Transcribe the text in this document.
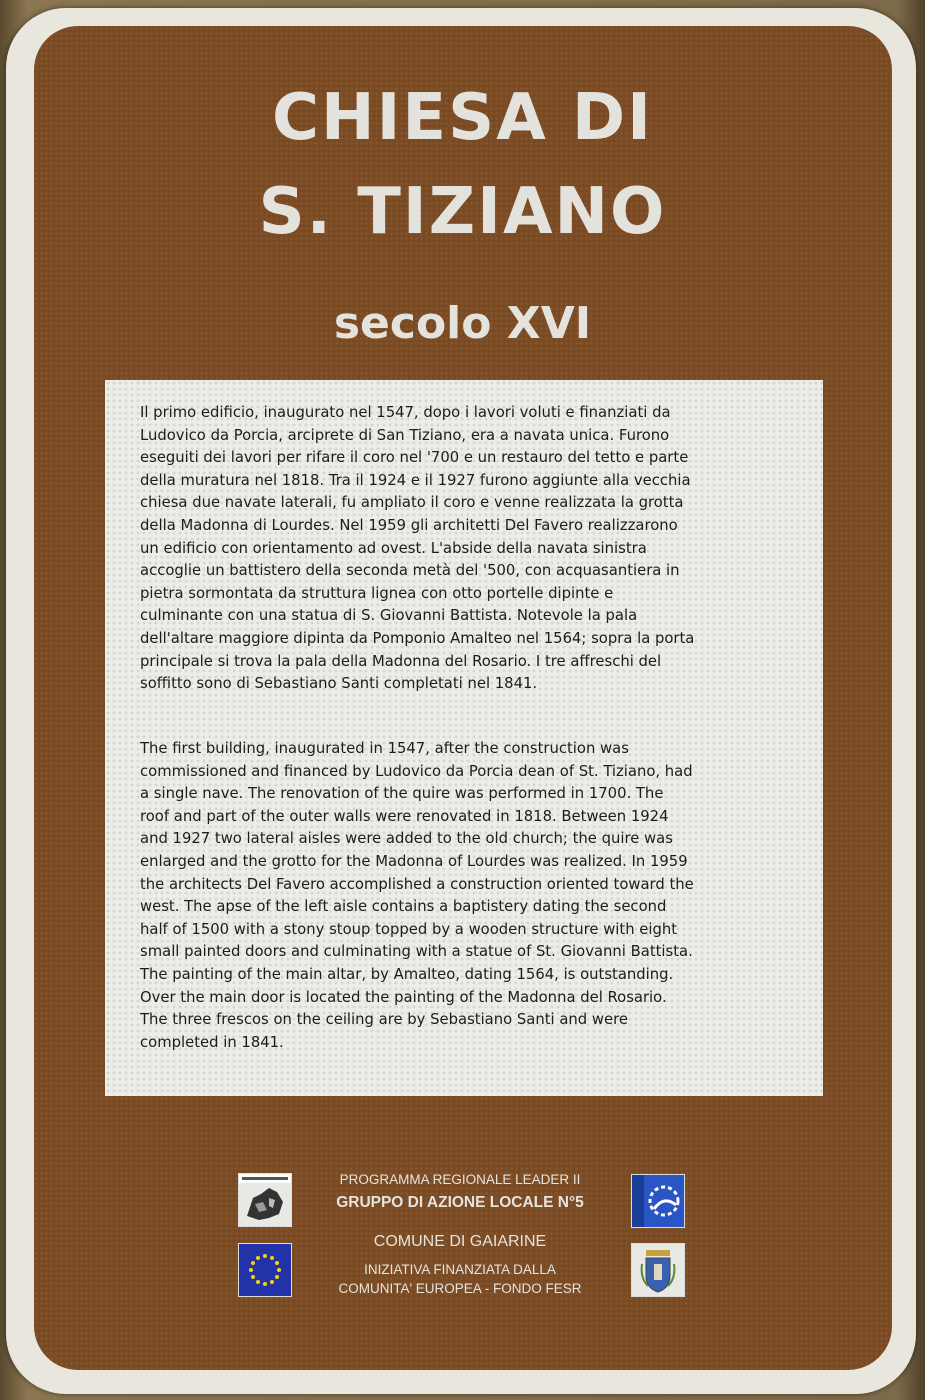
CHIESA DI
S. TIZIANO
secolo XVI
Il primo edificio, inaugurato nel 1547, dopo i lavori voluti e finanziati da
Ludovico da Porcia, arciprete di San Tiziano, era a navata unica. Furono
eseguiti dei lavori per rifare il coro nel '700 e un restauro del tetto e parte
della muratura nel 1818. Tra il 1924 e il 1927 furono aggiunte alla vecchia
chiesa due navate laterali, fu ampliato il coro e venne realizzata la grotta
della Madonna di Lourdes. Nel 1959 gli architetti Del Favero realizzarono
un edificio con orientamento ad ovest. L'abside della navata sinistra
accoglie un battistero della seconda metà del '500, con acquasantiera in
pietra sormontata da struttura lignea con otto portelle dipinte e
culminante con una statua di S. Giovanni Battista. Notevole la pala
dell'altare maggiore dipinta da Pomponio Amalteo nel 1564; sopra la porta
principale si trova la pala della Madonna del Rosario. I tre affreschi del
soffitto sono di Sebastiano Santi completati nel 1841.
The first building, inaugurated in 1547, after the construction was
commissioned and financed by Ludovico da Porcia dean of St. Tiziano, had
a single nave. The renovation of the quire was performed in 1700. The
roof and part of the outer walls were renovated in 1818. Between 1924
and 1927 two lateral aisles were added to the old church; the quire was
enlarged and the grotto for the Madonna of Lourdes was realized. In 1959
the architects Del Favero accomplished a construction oriented toward the
west. The apse of the left aisle contains a baptistery dating the second
half of 1500 with a stony stoup topped by a wooden structure with eight
small painted doors and culminating with a statue of St. Giovanni Battista.
The painting of the main altar, by Amalteo, dating 1564, is outstanding.
Over the main door is located the painting of the Madonna del Rosario.
The three frescos on the ceiling are by Sebastiano Santi and were
completed in 1841.
PROGRAMMA REGIONALE LEADER II
GRUPPO DI AZIONE LOCALE N°5
COMUNE DI GAIARINE
INIZIATIVA FINANZIATA DALLA
COMUNITA' EUROPEA - FONDO FESR
